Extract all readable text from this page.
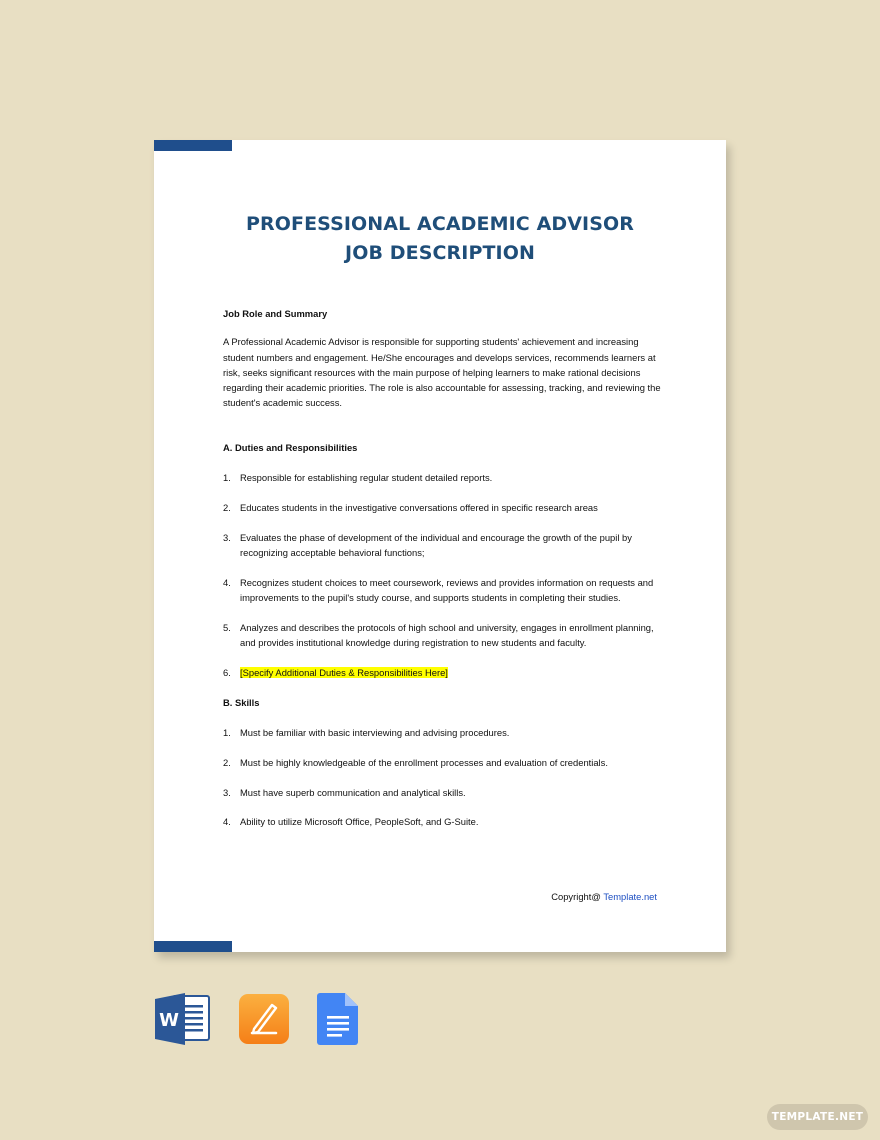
PROFESSIONAL ACADEMIC ADVISOR
JOB DESCRIPTION

Job Role and Summary

A Professional Academic Advisor is responsible for supporting students' achievement and increasing student numbers and engagement. He/She encourages and develops services, recommends learners at risk, seeks significant resources with the main purpose of helping learners to make rational decisions regarding their academic priorities. The role is also accountable for assessing, tracking, and reviewing the student's academic success.

A. Duties and Responsibilities

1. Responsible for establishing regular student detailed reports.
2. Educates students in the investigative conversations offered in specific research areas
3. Evaluates the phase of development of the individual and encourage the growth of the pupil by recognizing acceptable behavioral functions;
4. Recognizes student choices to meet coursework, reviews and provides information on requests and improvements to the pupil's study course, and supports students in completing their studies.
5. Analyzes and describes the protocols of high school and university, engages in enrollment planning, and provides institutional knowledge during registration to new students and faculty.
6. [Specify Additional Duties & Responsibilities Here]

B. Skills

1. Must be familiar with basic interviewing and advising procedures.
2. Must be highly knowledgeable of the enrollment processes and evaluation of credentials.
3. Must have superb communication and analytical skills.
4. Ability to utilize Microsoft Office, PeopleSoft, and G-Suite.
Copyright@ Template.net
W
TEMPLATE.NET
